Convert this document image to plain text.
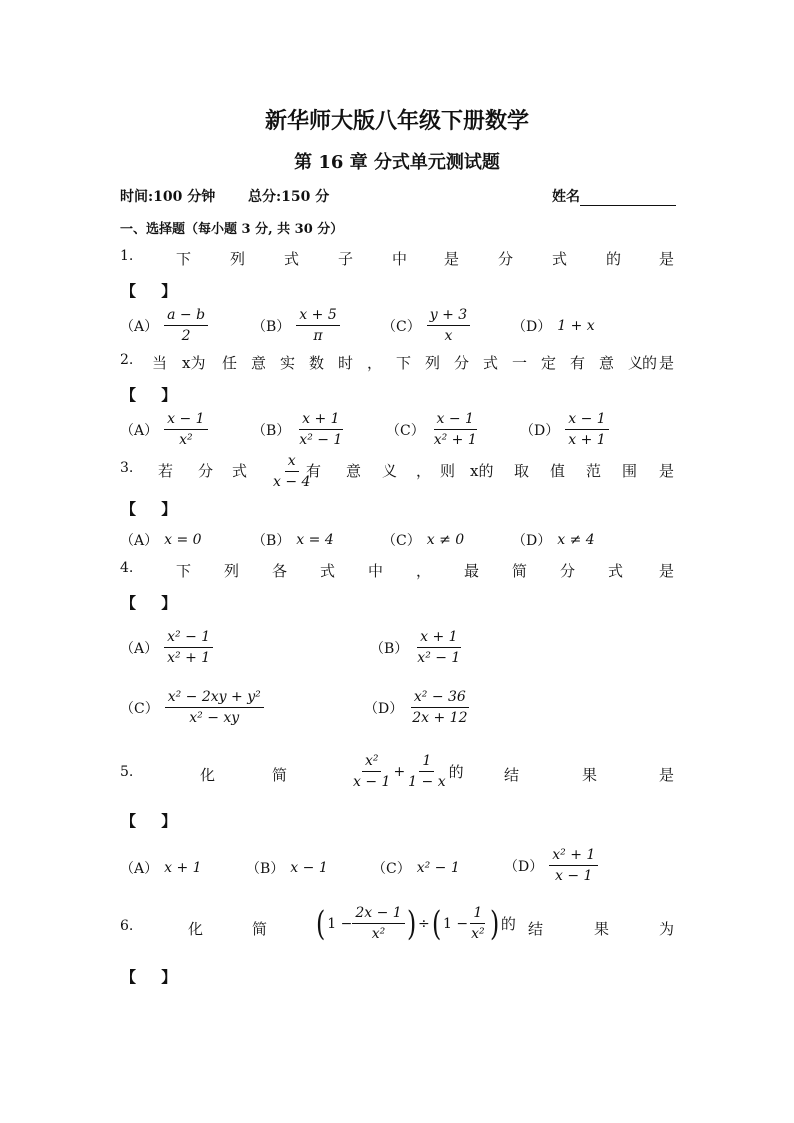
新华师大版八年级下册数学
第 16 章 分式单元测试题
时间:100 分钟 总分:150 分	姓名
一、选择题（每小题 3 分, 共 30 分）
1.	下	列	式	子	中 是	分	式	的	是
【 】
$(A) \frac{a - b}{2}$	$(B) \frac{x + 5}{\pi}$	$(C) \frac{y + 3}{x}$	（D） 1 + x
2. 当 x为 任 意 实 数 时 ， 下 列 分 式 一 定 有 意 义 是
的
【 】
$(A) \frac{x - 1}{\text{x²}}$	$(B) \frac{x + 1}{\text{x² − 1}}$	$(C) \frac{x - 1}{\text{x² + 1}}$	$(D) \frac{x - 1}{x + 1}$
3. 若 分 式 $\frac{x}{x - 4}$
有 意 义 ， 则 x的 取 值 范 围 是
【 】
（A） x = 0	（B） x = 4	（C） x ≠ 0	（D） x ≠ 4
4.	下 列 各 式 中 ， 最 简 分 式 是
【 】
$(A) \frac{\text{x² − 1}}{\text{x² + 1}}$	$(B) \frac{x + 1}{\text{x² − 1}}$
$(C) \frac{\text{x² − 2xy + y²}}{\text{x² − xy}}$	$(D) \frac{\text{x² − 36}}{2x + 12}$
5.	化	简	$\frac{\text{x²}}{x - 1} + \frac{1}{1 - x}$ 的	结	果	是
【 】
（A） x + 1	（B） x − 1	（C） x² − 1	$(D) \frac{\text{x² + 1}}{x - 1}$
6.	化	简 ( $1 - \frac{2x - 1}{\text{x²}}$ ) ÷ ( $1 - \frac{1}{\text{x²}}$ ) 的 结	果	为
【 】
